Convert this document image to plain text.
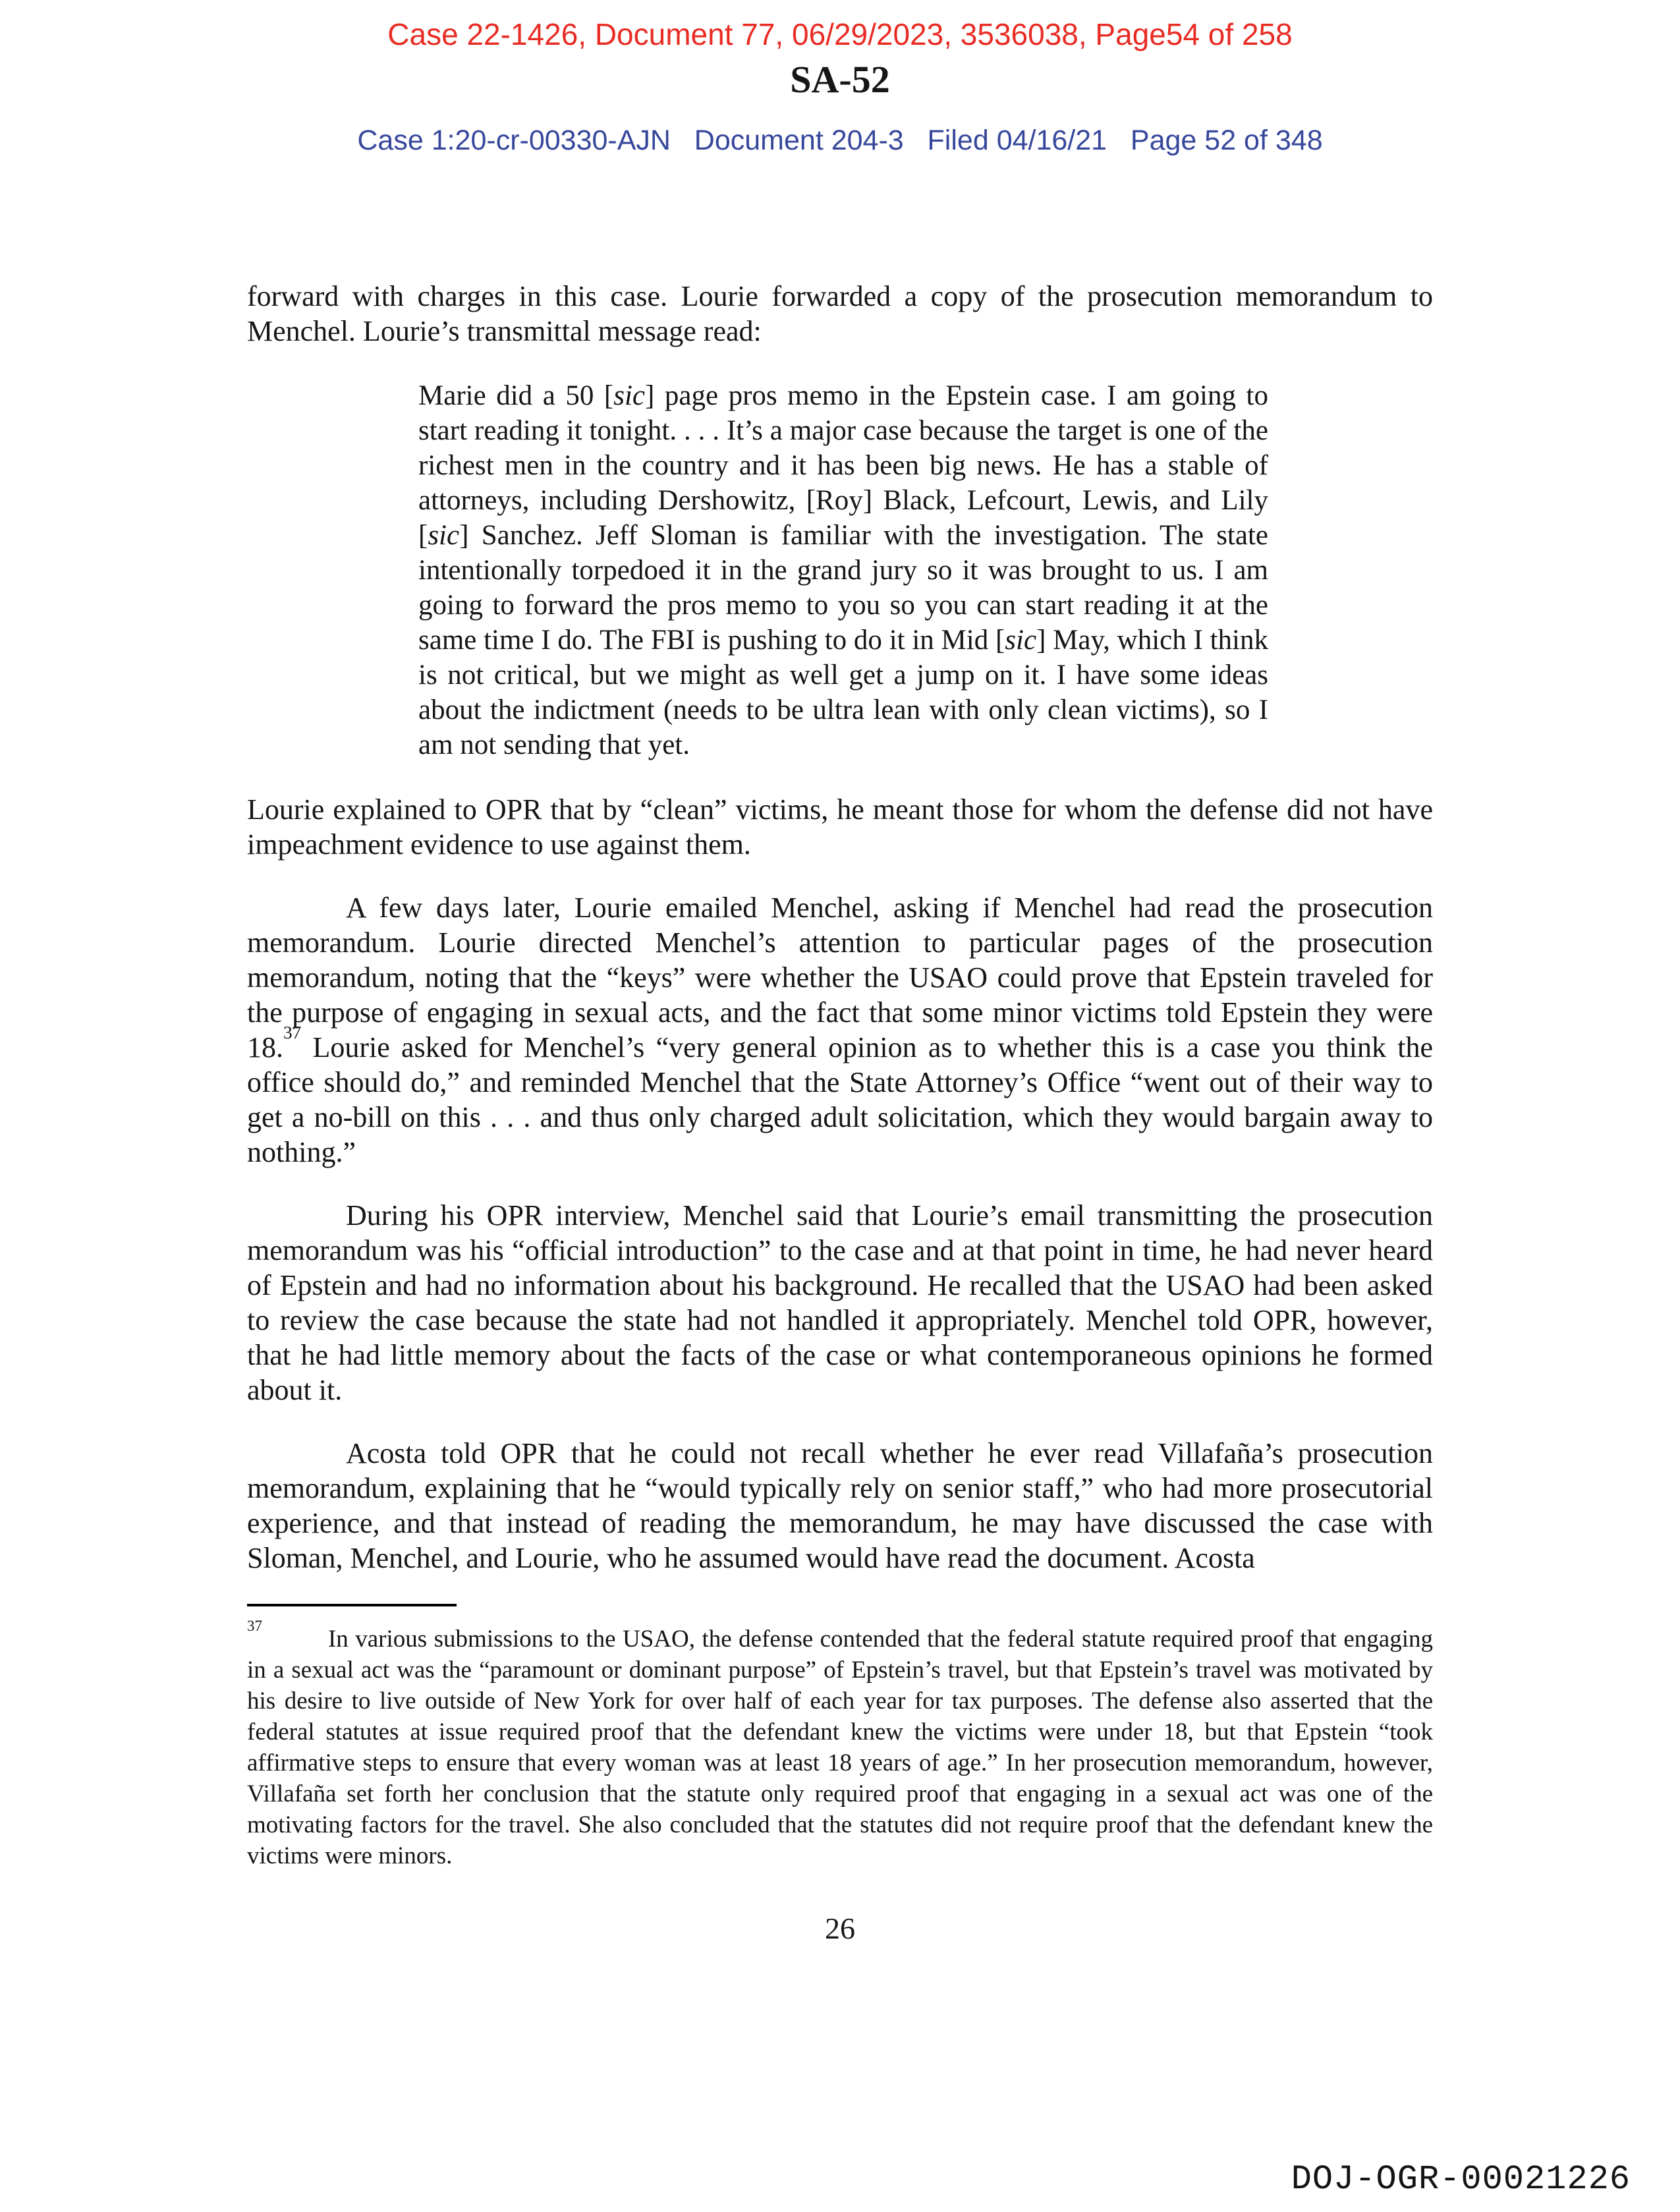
Case 22-1426, Document 77, 06/29/2023, 3536038, Page54 of 258
SA-52
Case 1:20-cr-00330-AJN   Document 204-3   Filed 04/16/21   Page 52 of 348

forward with charges in this case. Lourie forwarded a copy of the prosecution memorandum to Menchel. Lourie’s transmittal message read:

Marie did a 50 [sic] page pros memo in the Epstein case. I am going to start reading it tonight. . . . It’s a major case because the target is one of the richest men in the country and it has been big news. He has a stable of attorneys, including Dershowitz, [Roy] Black, Lefcourt, Lewis, and Lily [sic] Sanchez. Jeff Sloman is familiar with the investigation. The state intentionally torpedoed it in the grand jury so it was brought to us. I am going to forward the pros memo to you so you can start reading it at the same time I do. The FBI is pushing to do it in Mid [sic] May, which I think is not critical, but we might as well get a jump on it. I have some ideas about the indictment (needs to be ultra lean with only clean victims), so I am not sending that yet.

Lourie explained to OPR that by “clean” victims, he meant those for whom the defense did not have impeachment evidence to use against them.

A few days later, Lourie emailed Menchel, asking if Menchel had read the prosecution memorandum. Lourie directed Menchel’s attention to particular pages of the prosecution memorandum, noting that the “keys” were whether the USAO could prove that Epstein traveled for the purpose of engaging in sexual acts, and the fact that some minor victims told Epstein they were 18.37 Lourie asked for Menchel’s “very general opinion as to whether this is a case you think the office should do,” and reminded Menchel that the State Attorney’s Office “went out of their way to get a no-bill on this . . . and thus only charged adult solicitation, which they would bargain away to nothing.”

During his OPR interview, Menchel said that Lourie’s email transmitting the prosecution memorandum was his “official introduction” to the case and at that point in time, he had never heard of Epstein and had no information about his background. He recalled that the USAO had been asked to review the case because the state had not handled it appropriately. Menchel told OPR, however, that he had little memory about the facts of the case or what contemporaneous opinions he formed about it.

Acosta told OPR that he could not recall whether he ever read Villafaña’s prosecution memorandum, explaining that he “would typically rely on senior staff,” who had more prosecutorial experience, and that instead of reading the memorandum, he may have discussed the case with Sloman, Menchel, and Lourie, who he assumed would have read the document. Acosta

$^{37}$	In various submissions to the USAO, the defense contended that the federal statute required proof that engaging in a sexual act was the “paramount or dominant purpose” of Epstein’s travel, but that Epstein’s travel was motivated by his desire to live outside of New York for over half of each year for tax purposes. The defense also asserted that the federal statutes at issue required proof that the defendant knew the victims were under 18, but that Epstein “took affirmative steps to ensure that every woman was at least 18 years of age.” In her prosecution memorandum, however, Villafaña set forth her conclusion that the statute only required proof that engaging in a sexual act was one of the motivating factors for the travel. She also concluded that the statutes did not require proof that the defendant knew the victims were minors.
26
DOJ-OGR-00021226
